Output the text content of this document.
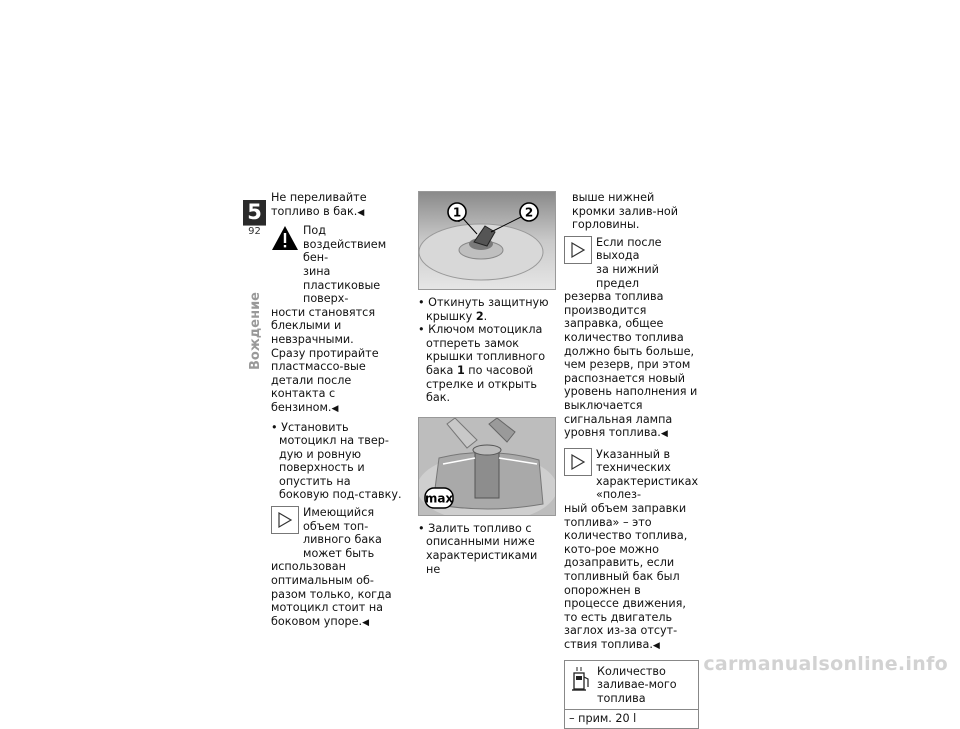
5
92
Вождение

Не переливайте топливо в бак.◀

Под воздействием бен-

зина пластиковые поверх-

ности становятся блеклыми и невзрачными.

Сразу протирайте пластмассо-вые детали после контакта с бензином.◀

• Установить мотоцикл на твер-дую и ровную поверхность и опустить на боковую под-ставку.

Имеющийся объем топ-

ливного бака может быть

использован оптимальным об-разом только, когда мотоцикл стоит на боковом упоре.◀

1	2

• Откинуть защитную крышку 2.

• Ключом мотоцикла отпереть замок крышки топливного бака 1 по часовой стрелке и открыть бак.

max

• Залить топливо с описанными ниже характеристиками не

выше нижней кромки залив-ной горловины.

Если после выхода

за нижний предел

резерва топлива производится заправка, общее количество топлива должно быть больше, чем резерв, при этом распознается новый уровень наполнения и выключается сигнальная лампа уровня топлива.◀

Указанный в технических

характеристиках «полез-

ный объем заправки топлива» – это количество топлива, кото-рое можно дозаправить, если топливный бак был опорожнен в процессе движения, то есть двигатель заглох из-за отсут-ствия топлива.◀

Количество заливае-мого топлива

– прим. 20 l
carmanualsonline.info
